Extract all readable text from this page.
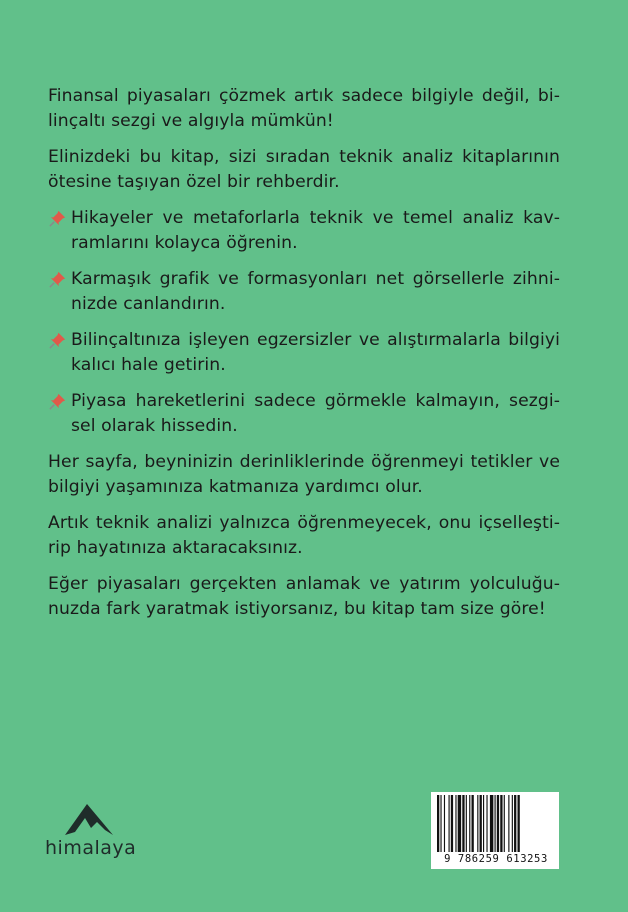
Finansal piyasaları çözmek artık sadece bilgiyle değil, bilinçaltı sezgi ve algıyla mümkün!

Elinizdeki bu kitap, sizi sıradan teknik analiz kitaplarının ötesine taşıyan özel bir rehberdir.

Hikayeler ve metaforlarla teknik ve temel analiz kavramlarını kolayca öğrenin.
Karmaşık grafik ve formasyonları net görsellerle zihninizde canlandırın.
Bilinçaltınıza işleyen egzersizler ve alıştırmalarla bilgiyi kalıcı hale getirin.
Piyasa hareketlerini sadece görmekle kalmayın, sezgisel olarak hissedin.

Her sayfa, beyninizin derinliklerinde öğrenmeyi tetikler ve bilgiyi yaşamınıza katmanıza yardımcı olur.

Artık teknik analizi yalnızca öğrenmeyecek, onu içselleştirip hayatınıza aktaracaksınız.

Eğer piyasaları gerçekten anlamak ve yatırım yolculuğunuzda fark yaratmak istiyorsanız, bu kitap tam size göre!

himalaya	9 786259 613253
